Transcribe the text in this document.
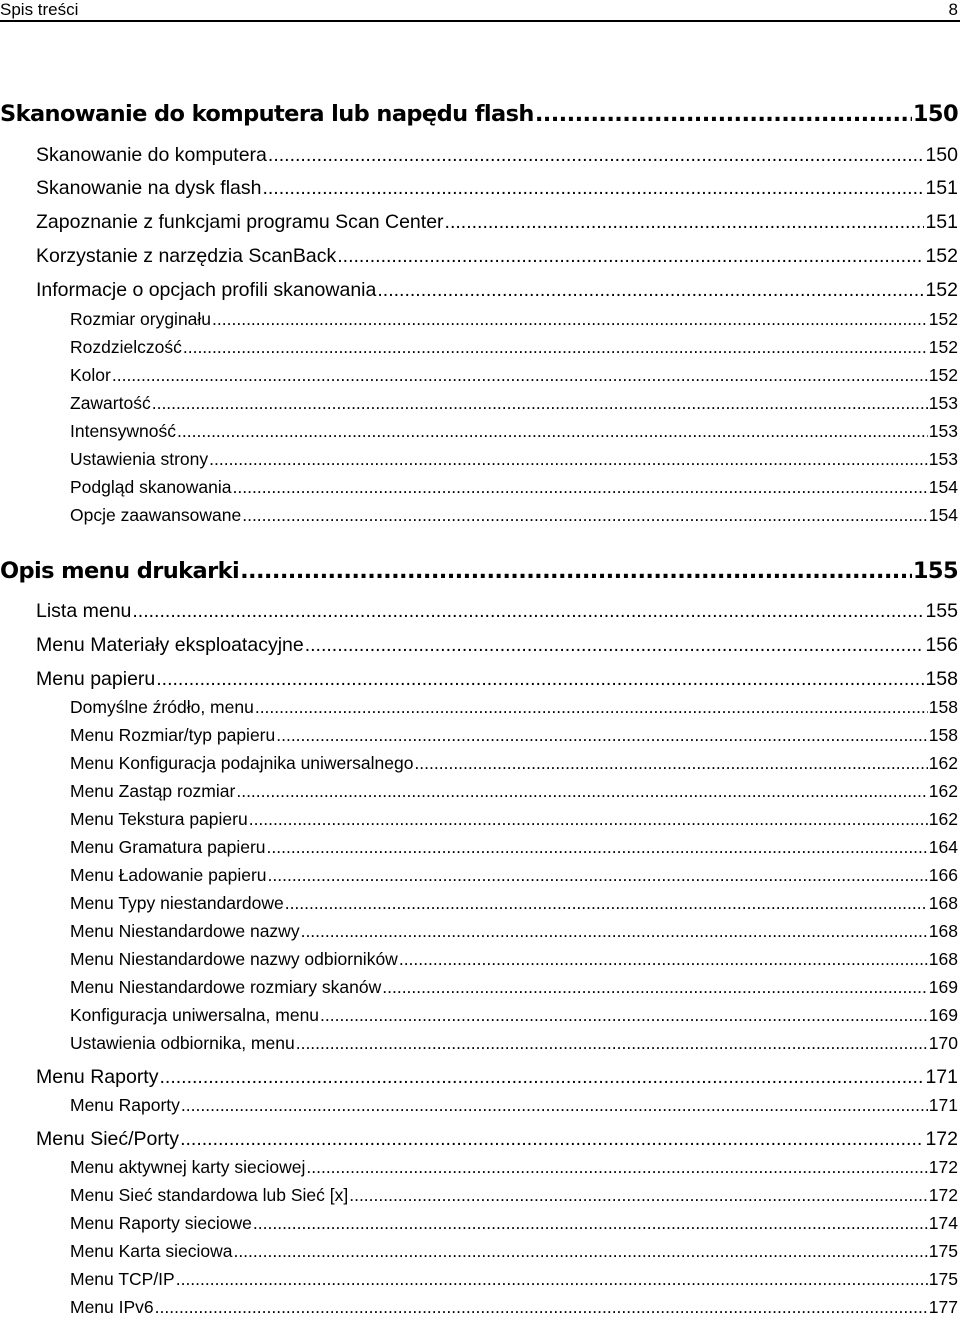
Spis treści	8
Skanowanie do komputera lub napędu flash .....	150
Skanowanie do komputera .....	150
Skanowanie na dysk flash .....	151
Zapoznanie z funkcjami programu Scan Center .....	151
Korzystanie z narzędzia ScanBack .....	152
Informacje o opcjach profili skanowania .....	152
Rozmiar oryginału .....	152
Rozdzielczość .....	152
Kolor .....	152
Zawartość .....	153
Intensywność .....	153
Ustawienia strony .....	153
Podgląd skanowania .....	154
Opcje zaawansowane .....	154
Opis menu drukarki .....	155
Lista menu .....	155
Menu Materiały eksploatacyjne .....	156
Menu papieru .....	158
Domyślne źródło, menu .....	158
Menu Rozmiar/typ papieru .....	158
Menu Konfiguracja podajnika uniwersalnego .....	162
Menu Zastąp rozmiar .....	162
Menu Tekstura papieru .....	162
Menu Gramatura papieru .....	164
Menu Ładowanie papieru .....	166
Menu Typy niestandardowe .....	168
Menu Niestandardowe nazwy .....	168
Menu Niestandardowe nazwy odbiorników .....	168
Menu Niestandardowe rozmiary skanów .....	169
Konfiguracja uniwersalna, menu .....	169
Ustawienia odbiornika, menu .....	170
Menu Raporty .....	171
Menu Raporty .....	171
Menu Sieć/Porty .....	172
Menu aktywnej karty sieciowej .....	172
Menu Sieć standardowa lub Sieć [x] .....	172
Menu Raporty sieciowe .....	174
Menu Karta sieciowa .....	175
Menu TCP/IP .....	175
Menu IPv6 .....	177
